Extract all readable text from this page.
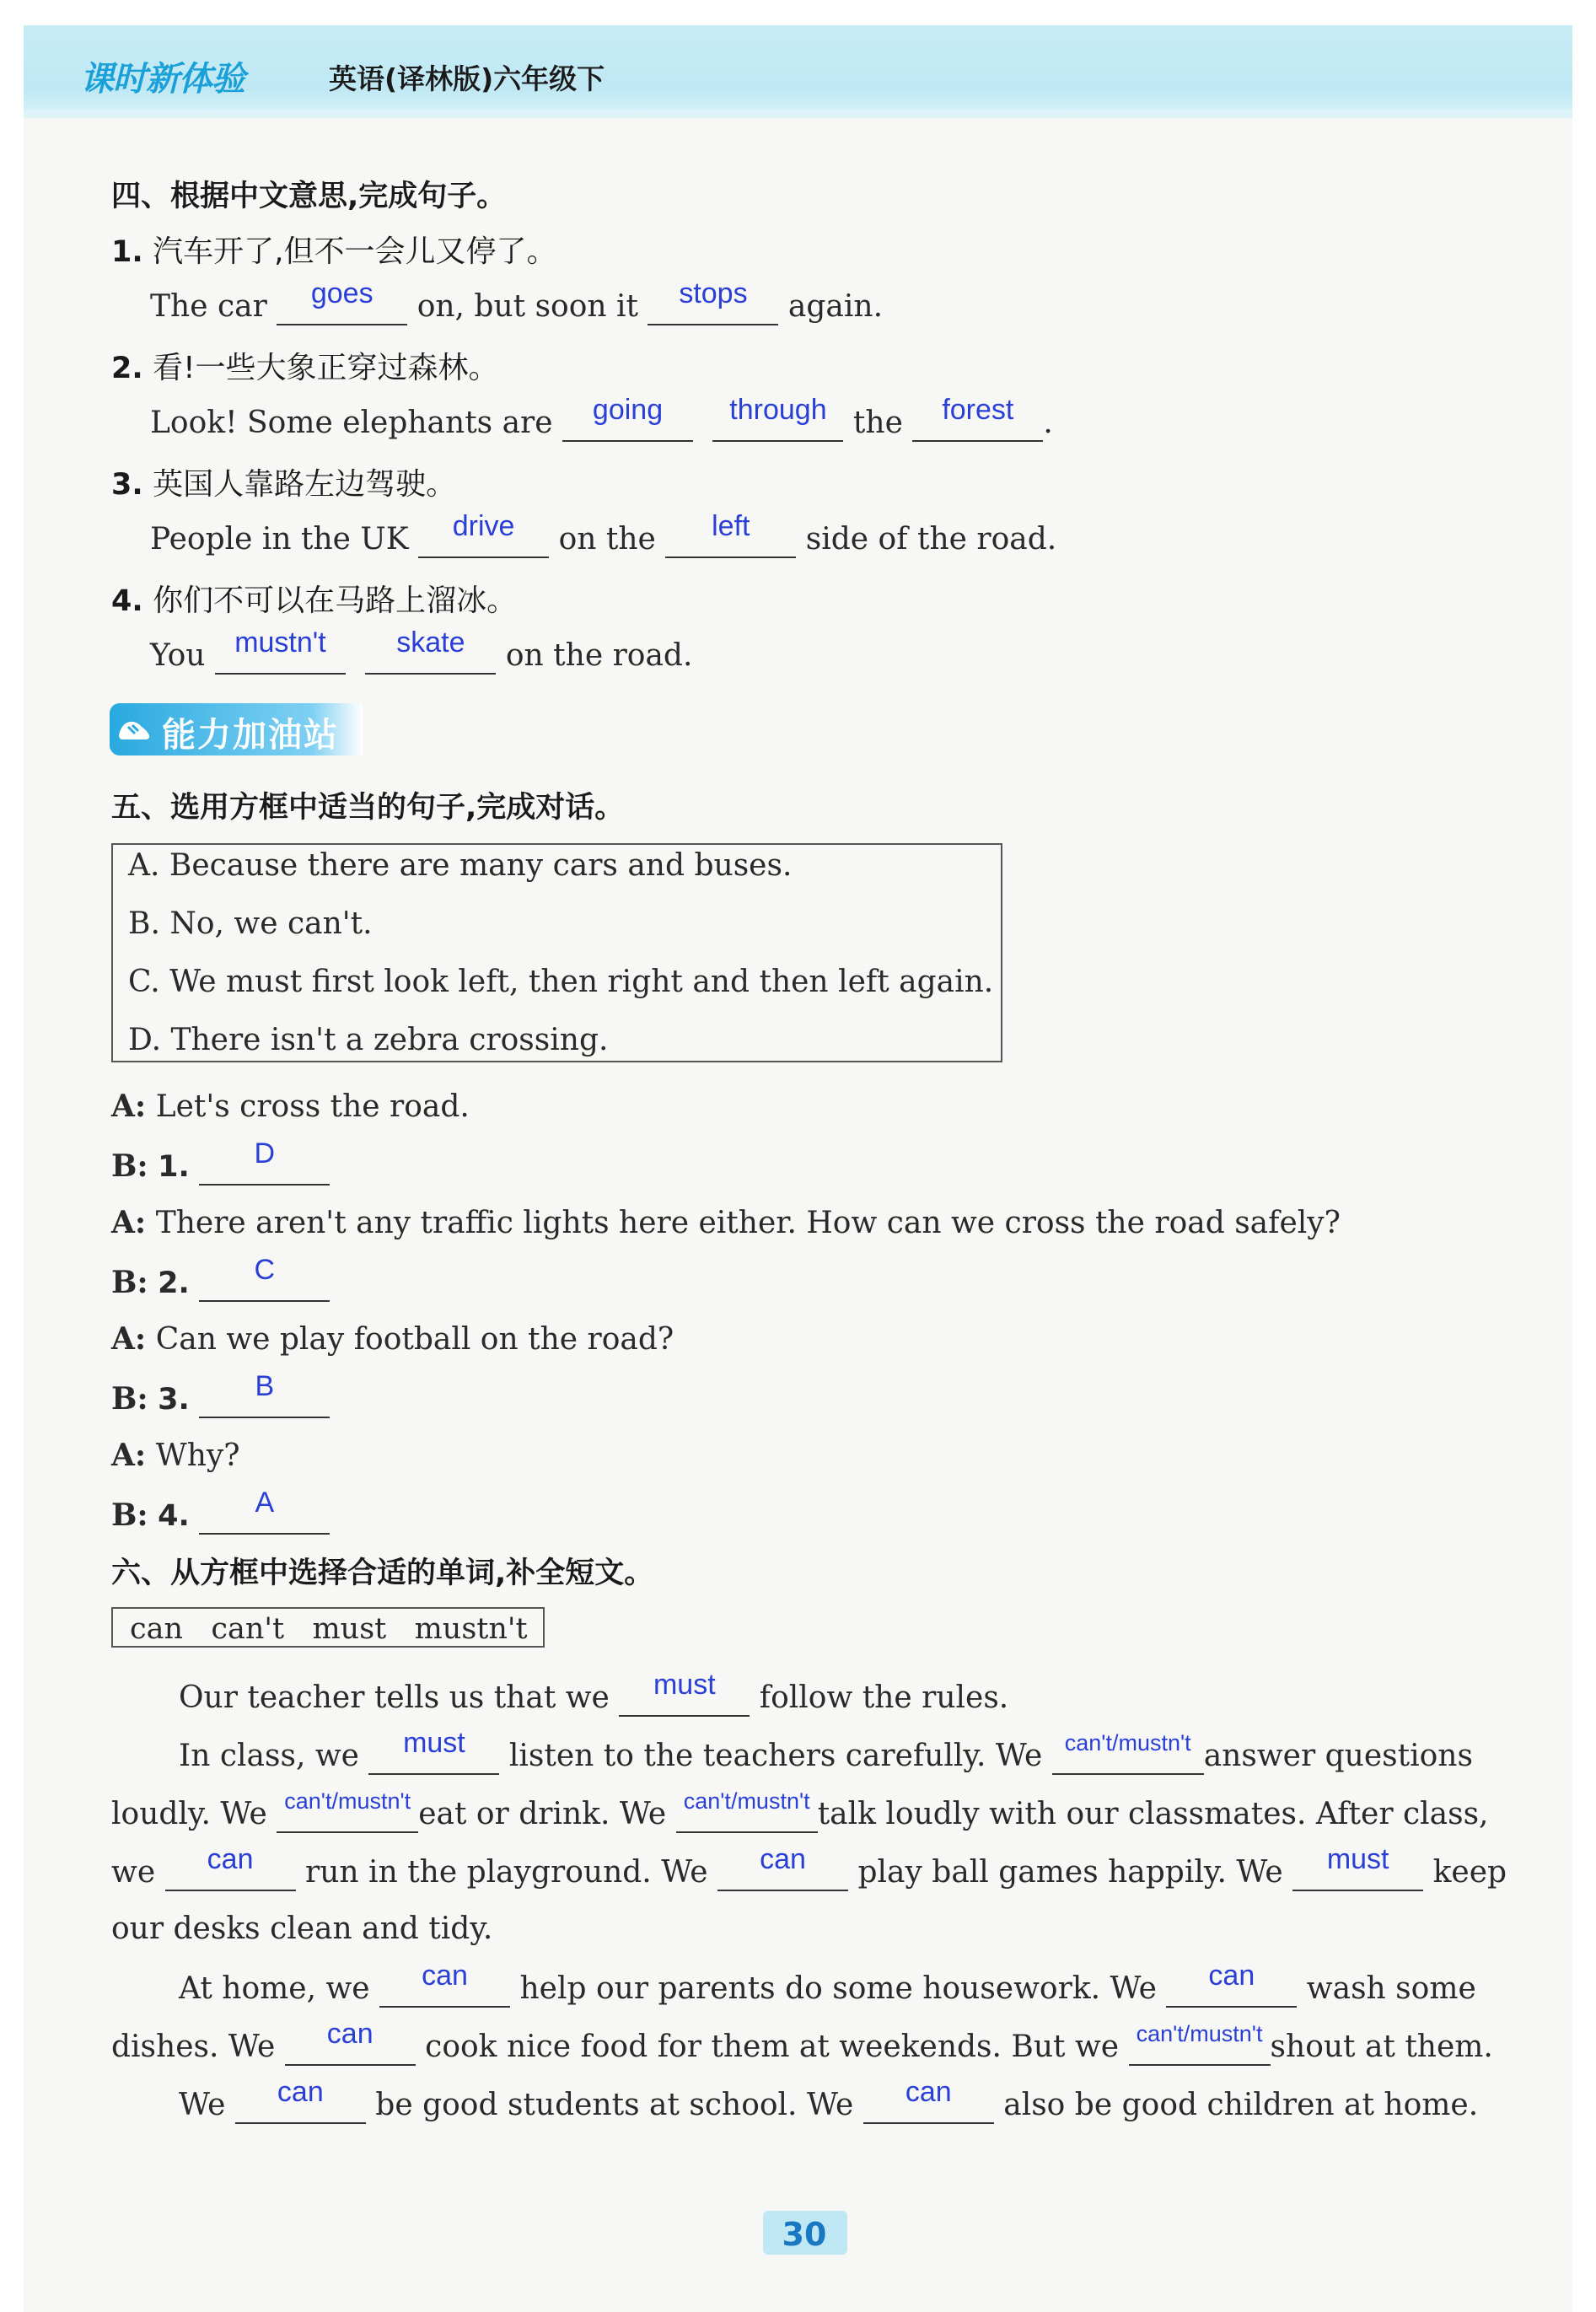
课时新体验	英语(译林版)六年级下
四、根据中文意思,完成句子。
1. 汽车开了,但不一会儿又停了。
The car	goes	on, but soon it	stops	again.
2. 看!一些大象正穿过森林。
Look! Some elephants are	going
	through the	forest .
3. 英国人靠路左边驾驶。
People in the UK	drive	on the	left	side of the road.
4. 你们不可以在马路上溜冰。
You	mustn't
	skate	on the road.
能力加油站
五、选用方框中适当的句子,完成对话。
A. Because there are many cars and buses.
B. No, we can't.
C. We must first look left, then right and then left again.
D. There isn't a zebra crossing.
A: Let's cross the road.
B: 1.	D
A: There aren't any traffic lights here either. How can we cross the road safely?
B: 2.	C
A: Can we play football on the road?
B: 3.	B
A: Why?
B: 4.	A
六、从方框中选择合适的单词,补全短文。
can   can't   must   mustn't
Our teacher tells us that we	must	follow the rules.
In class, we	must	listen to the teachers carefully. We can't/mustn't answer questions
loudly. We can't/mustn't eat or drink. We can't/mustn't talk loudly with our classmates. After class,
we	can	run in the playground. We	can	play ball games happily. We	must	keep
our desks clean and tidy.
At home, we	can	help our parents do some housework. We	can	wash some
dishes. We	can	cook nice food for them at weekends. But we can't/mustn't shout at them.
We	can	be good students at school. We	can	also be good children at home.
30
